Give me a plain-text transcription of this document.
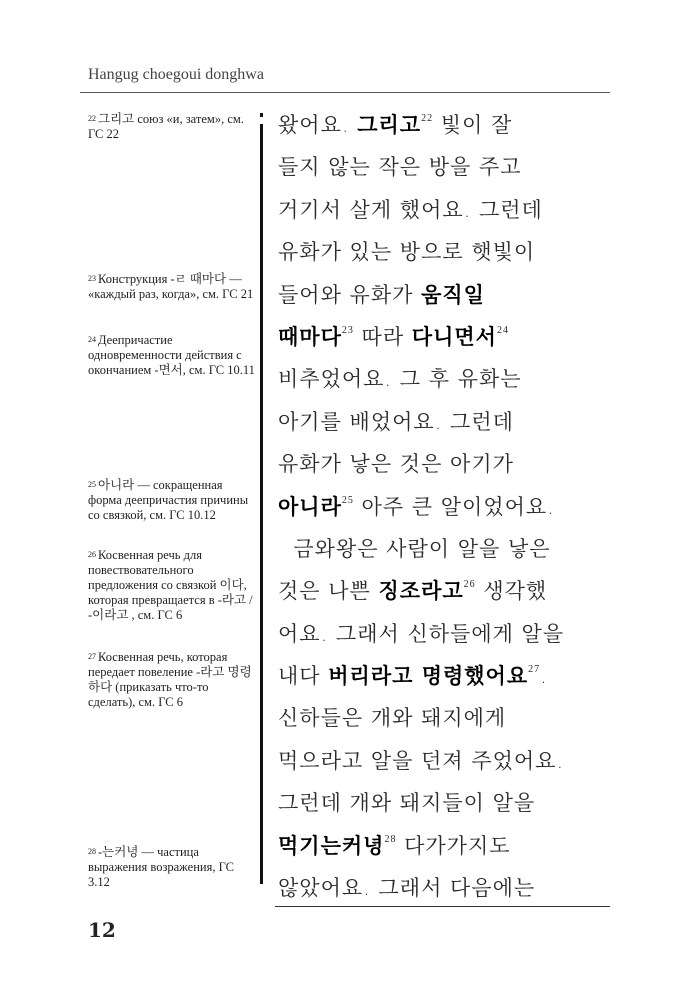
Hangug choegoui donghwa
$^{22}$ 그리고 союз «и, затем», см. ГС 22
$^{23}$ Конструкция -ㄹ 때마다 — «каждый раз, когда», см. ГС 21
$^{24}$ Деепричастие одновременности действия с окончанием -면서, см. ГС 10.11
$^{25}$ 아니라 — сокращенная форма деепричастия причины со связкой, см. ГС 10.12
$^{26}$ Косвенная речь для повествовательного предложения со связкой 이다, которая превращается в -라고 / -이라고 , см. ГС 6
$^{27}$ Косвенная речь, которая передает повеление -라고 명령하다 (приказать что-то сделать), см. ГС 6
$^{28}$ -는커녕 — частица выражения возражения, ГС 3.12
왔어요. 그리고$^{22}$ 빛이 잘
들지 않는 작은 방을 주고
거기서 살게 했어요. 그런데
유화가 있는 방으로 햇빛이
들어와 유화가 움직일
때마다$^{23}$ 따라 다니면서$^{24}$
비추었어요. 그 후 유화는
아기를 배었어요. 그런데
유화가 낳은 것은 아기가
아니라$^{25}$ 아주 큰 알이었어요.
금와왕은 사람이 알을 낳은
것은 나쁜 징조라고$^{26}$ 생각했
어요. 그래서 신하들에게 알을
내다 버리라고 명령했어요$^{27}$.
신하들은 개와 돼지에게
먹으라고 알을 던져 주었어요.
그런데 개와 돼지들이 알을
먹기는커녕$^{28}$ 다가가지도
않았어요. 그래서 다음에는
12
